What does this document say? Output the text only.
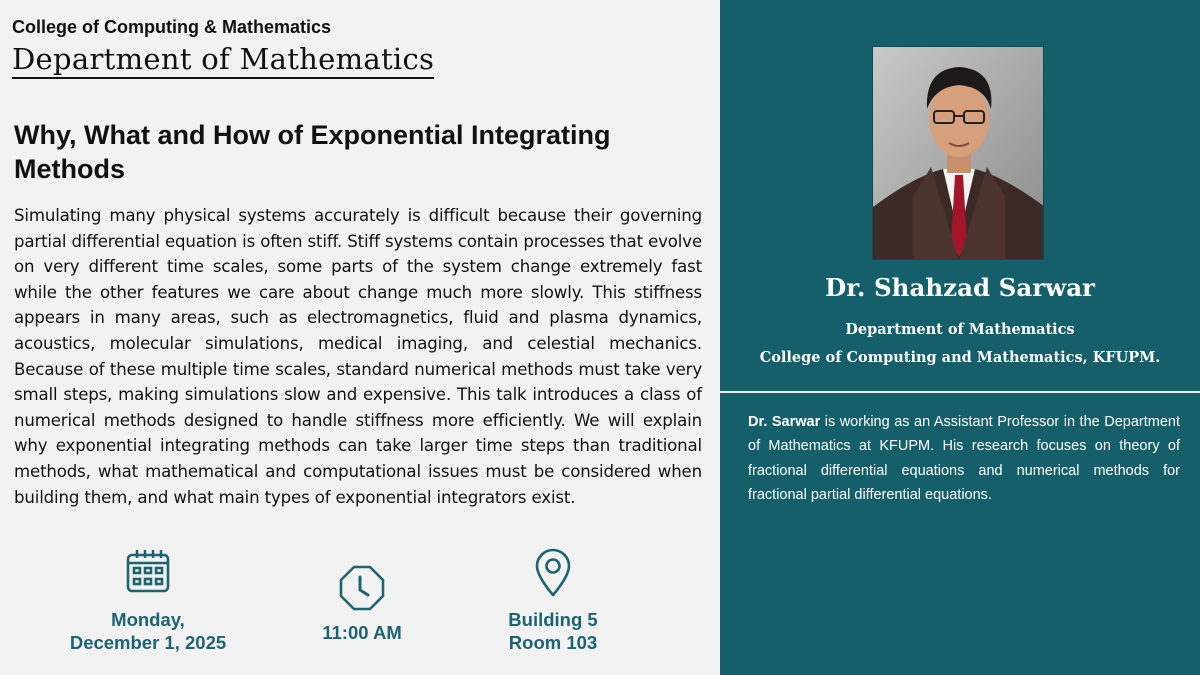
College of Computing & Mathematics
Department of Mathematics
Why, What and How of Exponential Integrating Methods
Simulating many physical systems accurately is difficult because their governing partial differential equation is often stiff. Stiff systems contain processes that evolve on very different time scales, some parts of the system change extremely fast while the other features we care about change much more slowly. This stiffness appears in many areas, such as electromagnetics, fluid and plasma dynamics, acoustics, molecular simulations, medical imaging, and celestial mechanics. Because of these multiple time scales, standard numerical methods must take very small steps, making simulations slow and expensive. This talk introduces a class of numerical methods designed to handle stiffness more efficiently. We will explain why exponential integrating methods can take larger time steps than traditional methods, what mathematical and computational issues must be considered when building them, and what main types of exponential integrators exist.
Monday,
December 1, 2025	11:00 AM
Building 5
Room 103
Dr. Shahzad Sarwar
Department of Mathematics
College of Computing and Mathematics, KFUPM.
Dr. Sarwar is working as an Assistant Professor in the Department of Mathematics at KFUPM. His research focuses on theory of fractional differential equations and numerical methods for fractional partial differential equations.
